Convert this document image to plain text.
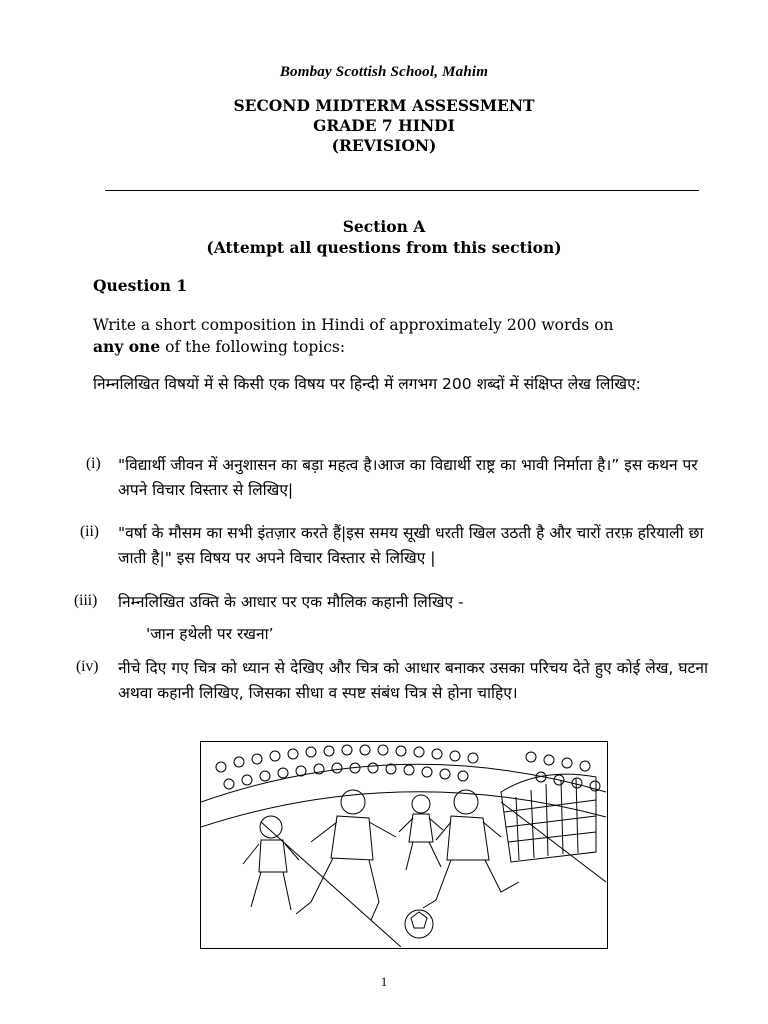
Bombay Scottish School, Mahim
SECOND MIDTERM ASSESSMENT
GRADE 7 HINDI
(REVISION)
Section A
(Attempt all questions from this section)
Question 1
Write a short composition in Hindi of approximately 200 words on
any one of the following topics:
निम्नलिखित विषयों में से किसी एक विषय पर हिन्दी में लगभग 200 शब्दों में संक्षिप्त लेख लिखिए:
(i) "विद्यार्थी जीवन में अनुशासन का बड़ा महत्व है।आज का विद्यार्थी राष्ट्र का भावी निर्माता है।” इस कथन पर अपने विचार विस्तार से लिखिए|
(ii) "वर्षा के मौसम का सभी इंतज़ार करते हैं|इस समय सूखी धरती खिल उठती है और चारों तरफ़ हरियाली छा जाती है|" इस विषय पर अपने विचार विस्तार से लिखिए |
(iii) निम्नलिखित उक्ति के आधार पर एक मौलिक कहानी लिखिए -
'जान हथेली पर रखना’
(iv) नीचे दिए गए चित्र को ध्यान से देखिए और चित्र को आधार बनाकर उसका परिचय देते हुए कोई लेख, घटना अथवा कहानी लिखिए, जिसका सीधा व स्पष्ट संबंध चित्र से होना चाहिए।
1
